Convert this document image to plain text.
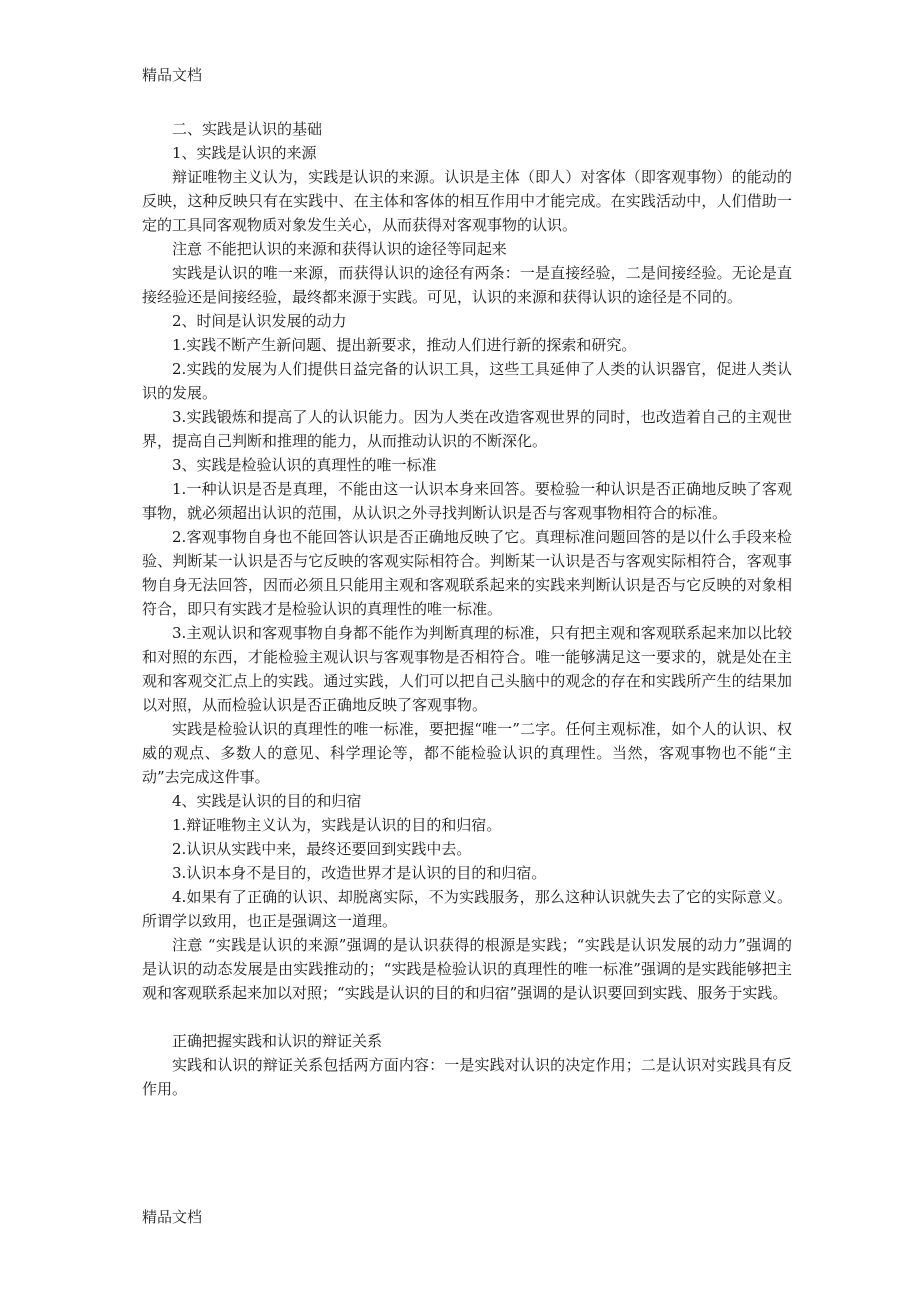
精品文档

二、实践是认识的基础

1、实践是认识的来源

辩证唯物主义认为，实践是认识的来源。认识是主体（即人）对客体（即客观事物）的能动的反映，这种反映只有在实践中、在主体和客体的相互作用中才能完成。在实践活动中，人们借助一定的工具同客观物质对象发生关心，从而获得对客观事物的认识。

注意 不能把认识的来源和获得认识的途径等同起来

实践是认识的唯一来源，而获得认识的途径有两条：一是直接经验，二是间接经验。无论是直接经验还是间接经验，最终都来源于实践。可见，认识的来源和获得认识的途径是不同的。

2、时间是认识发展的动力

1.实践不断产生新问题、提出新要求，推动人们进行新的探索和研究。

2.实践的发展为人们提供日益完备的认识工具，这些工具延伸了人类的认识器官，促进人类认识的发展。

3.实践锻炼和提高了人的认识能力。因为人类在改造客观世界的同时，也改造着自己的主观世界，提高自己判断和推理的能力，从而推动认识的不断深化。

3、实践是检验认识的真理性的唯一标准

1.一种认识是否是真理，不能由这一认识本身来回答。要检验一种认识是否正确地反映了客观事物，就必须超出认识的范围，从认识之外寻找判断认识是否与客观事物相符合的标准。

2.客观事物自身也不能回答认识是否正确地反映了它。真理标准问题回答的是以什么手段来检验、判断某一认识是否与它反映的客观实际相符合。判断某一认识是否与客观实际相符合，客观事物自身无法回答，因而必须且只能用主观和客观联系起来的实践来判断认识是否与它反映的对象相符合，即只有实践才是检验认识的真理性的唯一标准。

3.主观认识和客观事物自身都不能作为判断真理的标准，只有把主观和客观联系起来加以比较和对照的东西，才能检验主观认识与客观事物是否相符合。唯一能够满足这一要求的，就是处在主观和客观交汇点上的实践。通过实践，人们可以把自己头脑中的观念的存在和实践所产生的结果加以对照，从而检验认识是否正确地反映了客观事物。

实践是检验认识的真理性的唯一标准，要把握“唯一”二字。任何主观标准，如个人的认识、权威的观点、多数人的意见、科学理论等，都不能检验认识的真理性。当然，客观事物也不能“主动”去完成这件事。

4、实践是认识的目的和归宿

1.辩证唯物主义认为，实践是认识的目的和归宿。

2.认识从实践中来，最终还要回到实践中去。

3.认识本身不是目的，改造世界才是认识的目的和归宿。

4.如果有了正确的认识、却脱离实际，不为实践服务，那么这种认识就失去了它的实际意义。所谓学以致用，也正是强调这一道理。

注意 “实践是认识的来源”强调的是认识获得的根源是实践；“实践是认识发展的动力”强调的是认识的动态发展是由实践推动的；“实践是检验认识的真理性的唯一标准”强调的是实践能够把主观和客观联系起来加以对照；“实践是认识的目的和归宿”强调的是认识要回到实践、服务于实践。

正确把握实践和认识的辩证关系

实践和认识的辩证关系包括两方面内容：一是实践对认识的决定作用；二是认识对实践具有反作用。

精品文档
